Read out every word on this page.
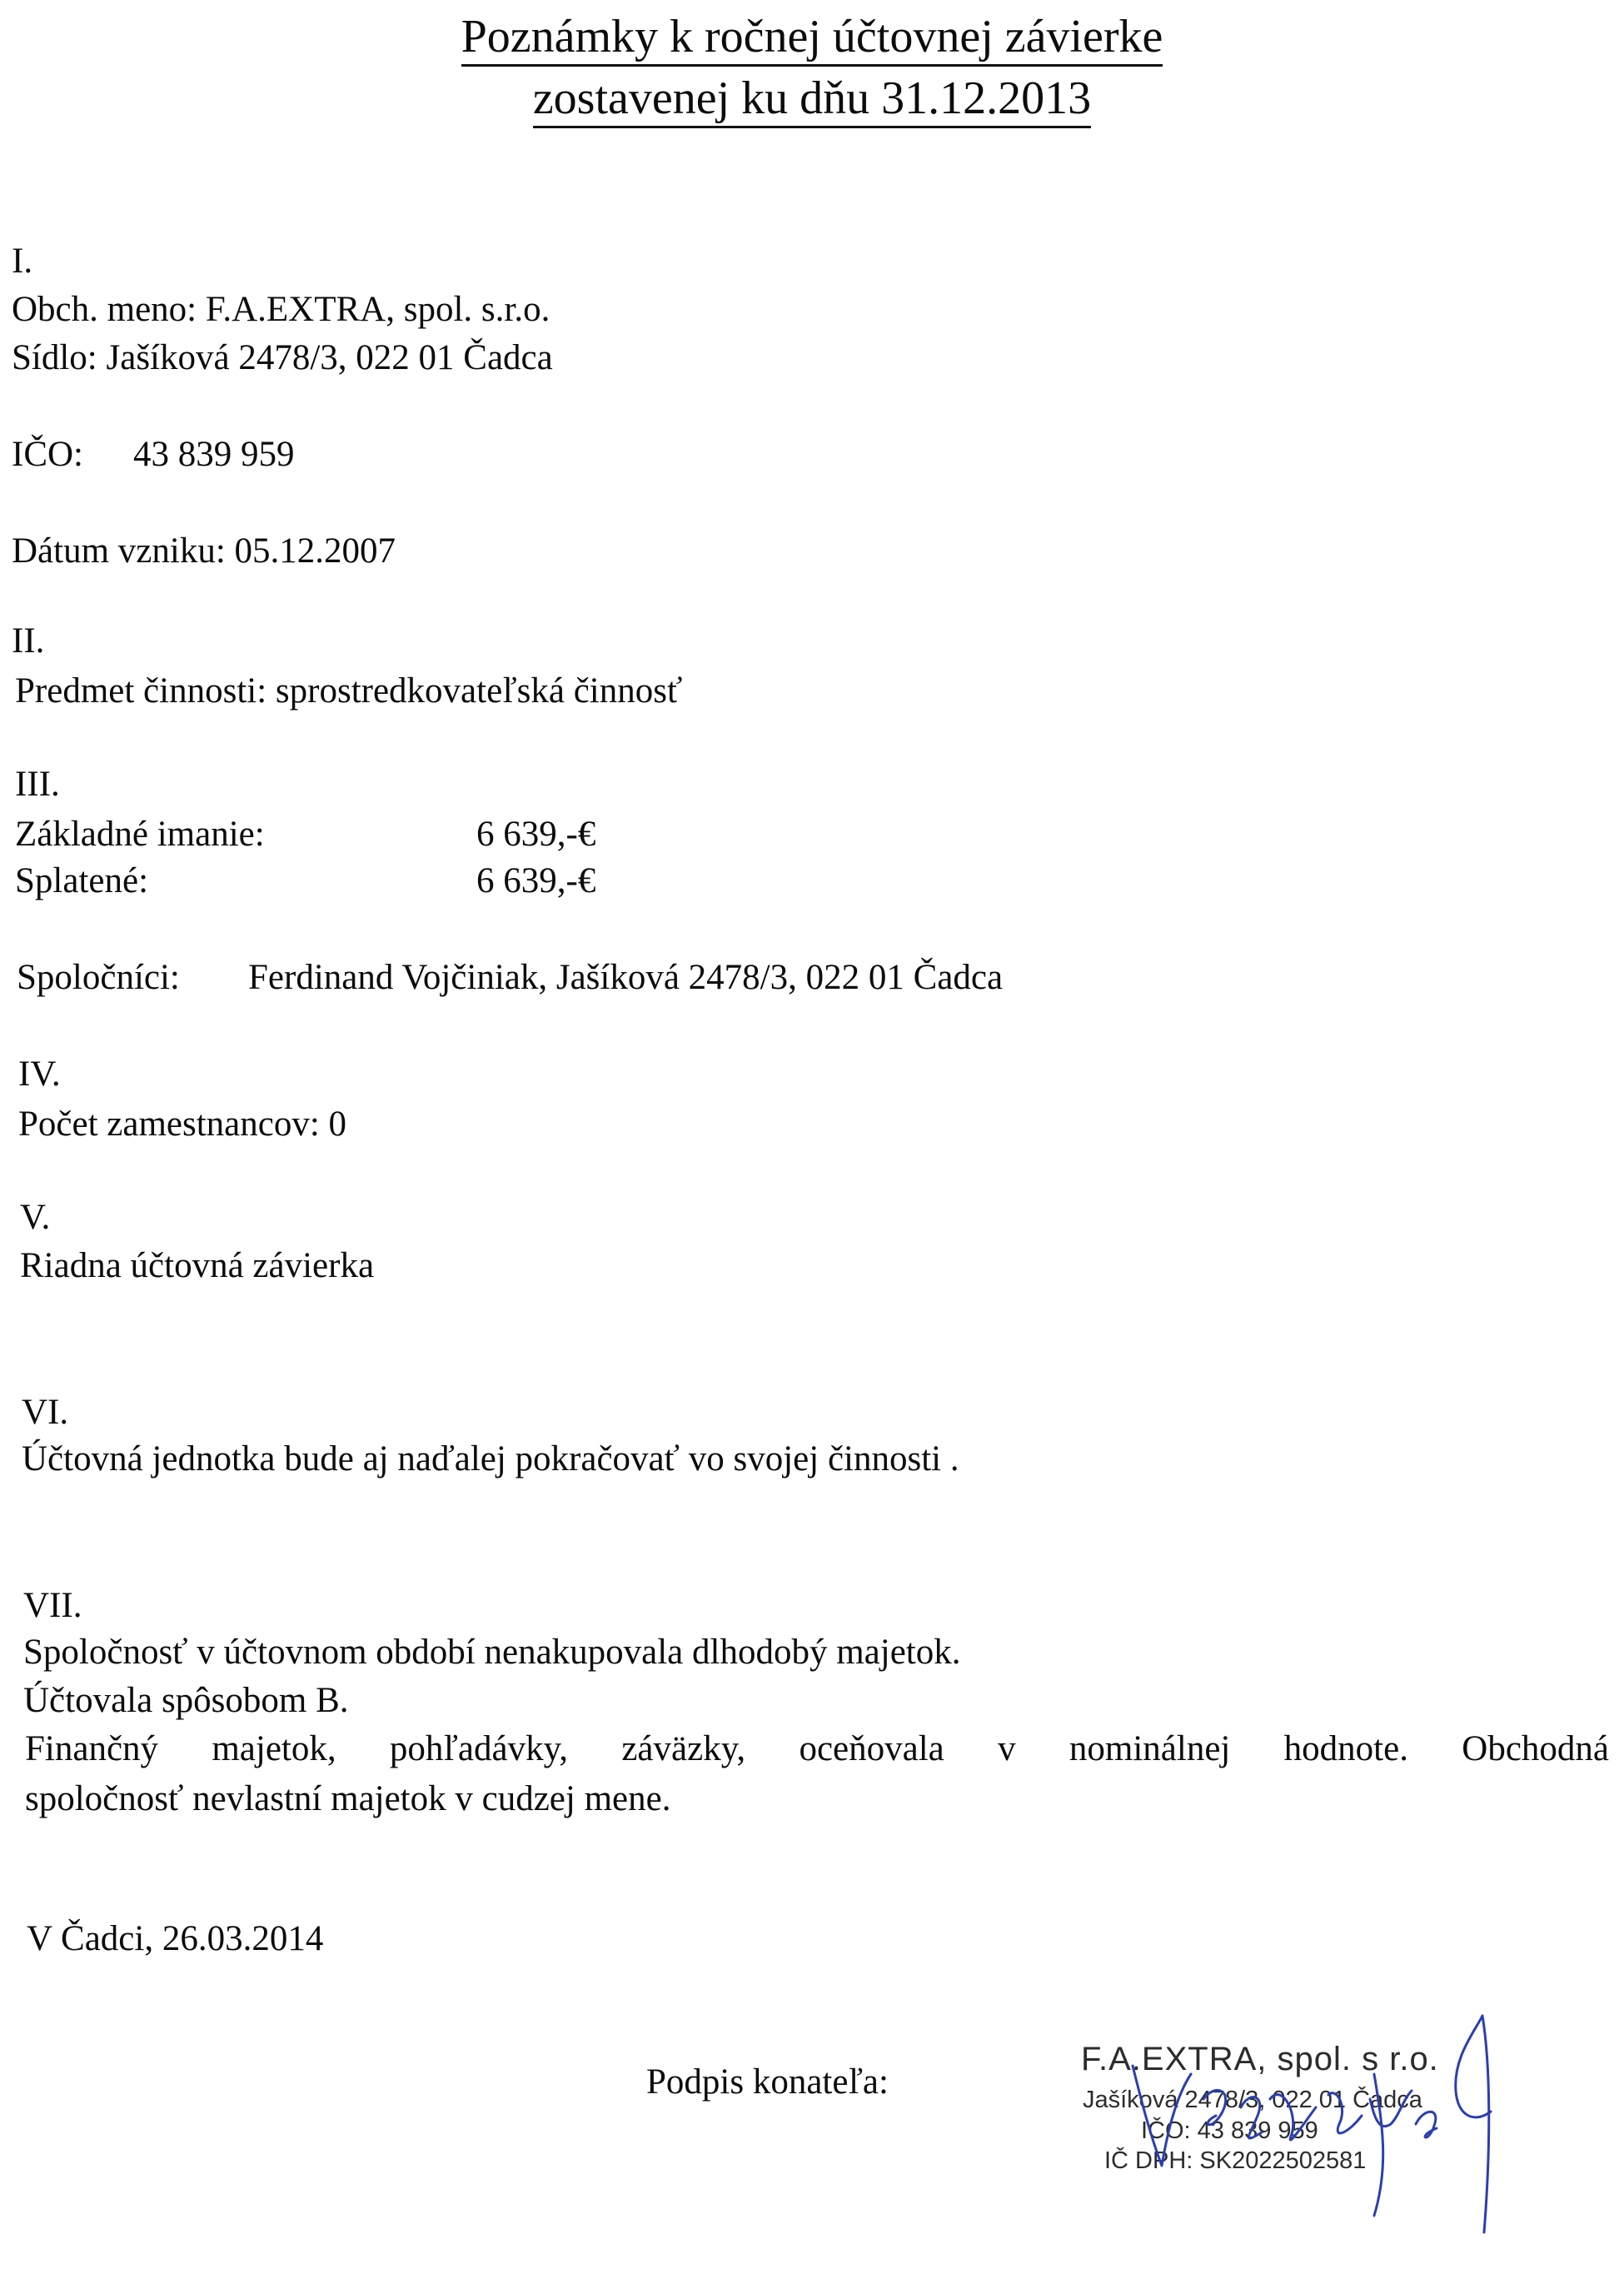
Poznámky k ročnej účtovnej závierke
zostavenej ku dňu 31.12.2013
I.
Obch. meno: F.A.EXTRA, spol. s.r.o.
Sídlo: Jašíková 2478/3, 022 01 Čadca
IČO: 43 839 959
Dátum vzniku: 05.12.2007
II.
Predmet činnosti: sprostredkovateľská činnosť
III.
Základné imanie:	6 639,-€
Splatené:	6 639,-€
Spoločníci: Ferdinand Vojčiniak, Jašíková 2478/3, 022 01 Čadca
IV.
Počet zamestnancov: 0
V.
Riadna účtovná závierka
VI.
Účtovná jednotka bude aj naďalej pokračovať vo svojej činnosti .
VII.
Spoločnosť v účtovnom období nenakupovala dlhodobý majetok.
Účtovala spôsobom B.
Finančný majetok, pohľadávky, záväzky, oceňovala v nominálnej hodnote. Obchodná
spoločnosť nevlastní majetok v cudzej mene.
V Čadci, 26.03.2014
Podpis konateľa:
F.A.EXTRA, spol. s r.o.
Jašíková 2478/3, 022 01 Čadca
IČO: 43 839 959
IČ DPH: SK2022502581
